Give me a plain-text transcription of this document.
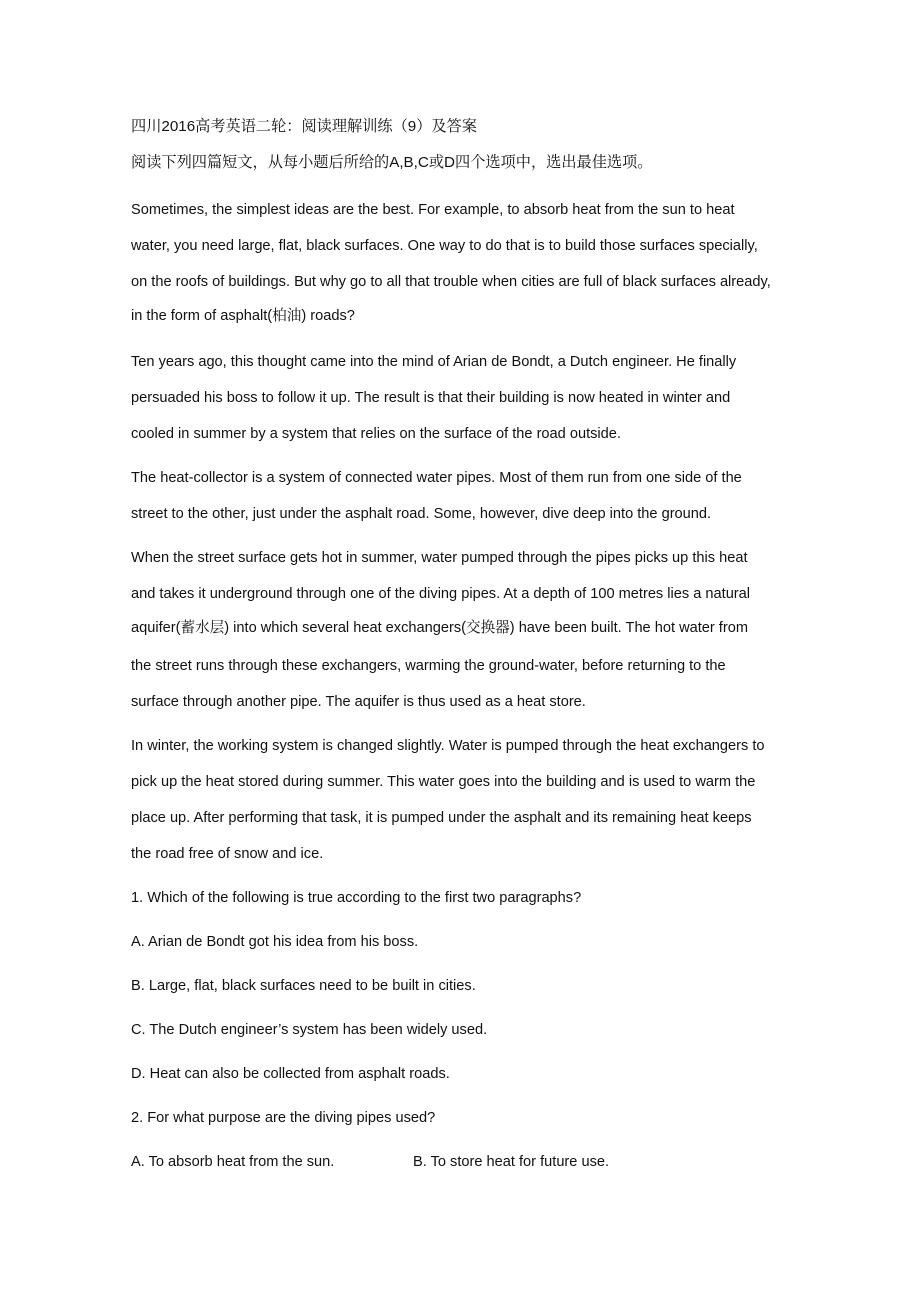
四川2016高考英语二轮：阅读理解训练（9）及答案

阅读下列四篇短文，从每小题后所给的A,B,C或D四个选项中，选出最佳选项。

Sometimes, the simplest ideas are the best. For example, to absorb heat from the sun to heat

water, you need large, flat, black surfaces. One way to do that is to build those surfaces specially,

on the roofs of buildings. But why go to all that trouble when cities are full of black surfaces already,

in the form of asphalt(柏油) roads?

Ten years ago, this thought came into the mind of Arian de Bondt, a Dutch engineer. He finally

persuaded his boss to follow it up. The result is that their building is now heated in winter and

cooled in summer by a system that relies on the surface of the road outside.

The heat-collector is a system of connected water pipes. Most of them run from one side of the

street to the other, just under the asphalt road. Some, however, dive deep into the ground.

When the street surface gets hot in summer, water pumped through the pipes picks up this heat

and takes it underground through one of the diving pipes. At a depth of 100 metres lies a natural

aquifer(蓄水层) into which several heat exchangers(交换器) have been built. The hot water from

the street runs through these exchangers, warming the ground-water, before returning to the

surface through another pipe. The aquifer is thus used as a heat store.

In winter, the working system is changed slightly. Water is pumped through the heat exchangers to

pick up the heat stored during summer. This water goes into the building and is used to warm the

place up. After performing that task, it is pumped under the asphalt and its remaining heat keeps

the road free of snow and ice.

1. Which of the following is true according to the first two paragraphs?

A. Arian de Bondt got his idea from his boss.

B. Large, flat, black surfaces need to be built in cities.

C. The Dutch engineer’s system has been widely used.

D. Heat can also be collected from asphalt roads.

2. For what purpose are the diving pipes used?

A. To absorb heat from the sun.	B. To store heat for future use.
